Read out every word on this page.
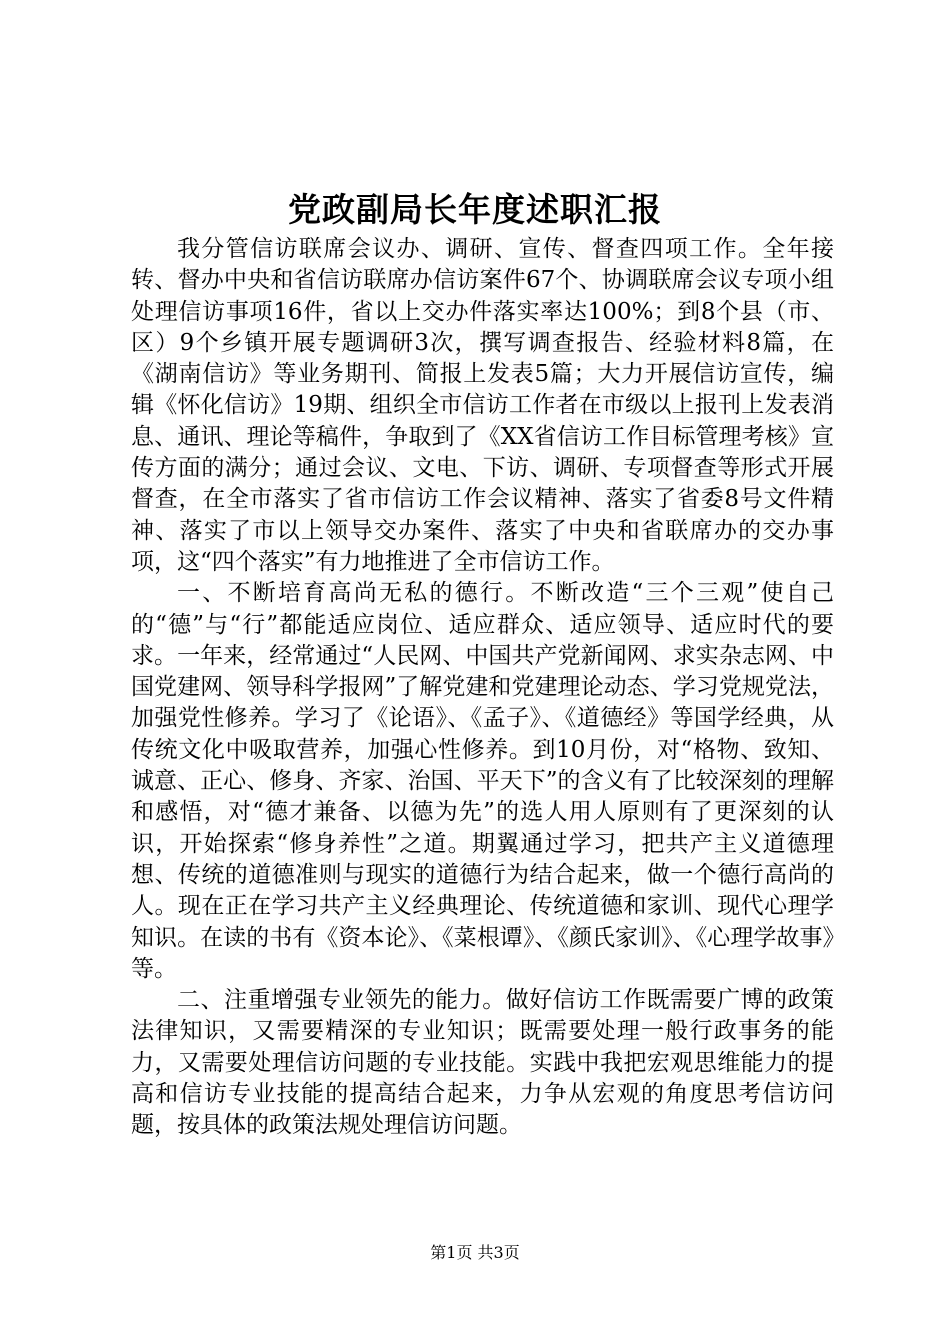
党政副局长年度述职汇报

我分管信访联席会议办、调研、宣传、督查四项工作。全年接转、督办中央和省信访联席办信访案件67个、协调联席会议专项小组处理信访事项16件，省以上交办件落实率达100%；到8个县（市、区）9个乡镇开展专题调研3次，撰写调查报告、经验材料8篇，在《湖南信访》等业务期刊、简报上发表5篇；大力开展信访宣传，编辑《怀化信访》19期、组织全市信访工作者在市级以上报刊上发表消息、通讯、理论等稿件，争取到了《XX省信访工作目标管理考核》宣传方面的满分；通过会议、文电、下访、调研、专项督查等形式开展督查，在全市落实了省市信访工作会议精神、落实了省委8号文件精神、落实了市以上领导交办案件、落实了中央和省联席办的交办事项，这“四个落实”有力地推进了全市信访工作。

一、不断培育高尚无私的德行。不断改造“三个三观”使自己的“德”与“行”都能适应岗位、适应群众、适应领导、适应时代的要求。一年来，经常通过“人民网、中国共产党新闻网、求实杂志网、中国党建网、领导科学报网”了解党建和党建理论动态、学习党规党法，加强党性修养。学习了《论语》、《孟子》、《道德经》等国学经典，从传统文化中吸取营养，加强心性修养。到10月份，对“格物、致知、诚意、正心、修身、齐家、治国、平天下”的含义有了比较深刻的理解和感悟，对“德才兼备、以德为先”的选人用人原则有了更深刻的认识，开始探索“修身养性”之道。期翼通过学习，把共产主义道德理想、传统的道德准则与现实的道德行为结合起来，做一个德行高尚的人。现在正在学习共产主义经典理论、传统道德和家训、现代心理学知识。在读的书有《资本论》、《菜根谭》、《颜氏家训》、《心理学故事》等。

二、注重增强专业领先的能力。做好信访工作既需要广博的政策法律知识，又需要精深的专业知识；既需要处理一般行政事务的能力，又需要处理信访问题的专业技能。实践中我把宏观思维能力的提高和信访专业技能的提高结合起来，力争从宏观的角度思考信访问题，按具体的政策法规处理信访问题。

第1页 共3页
